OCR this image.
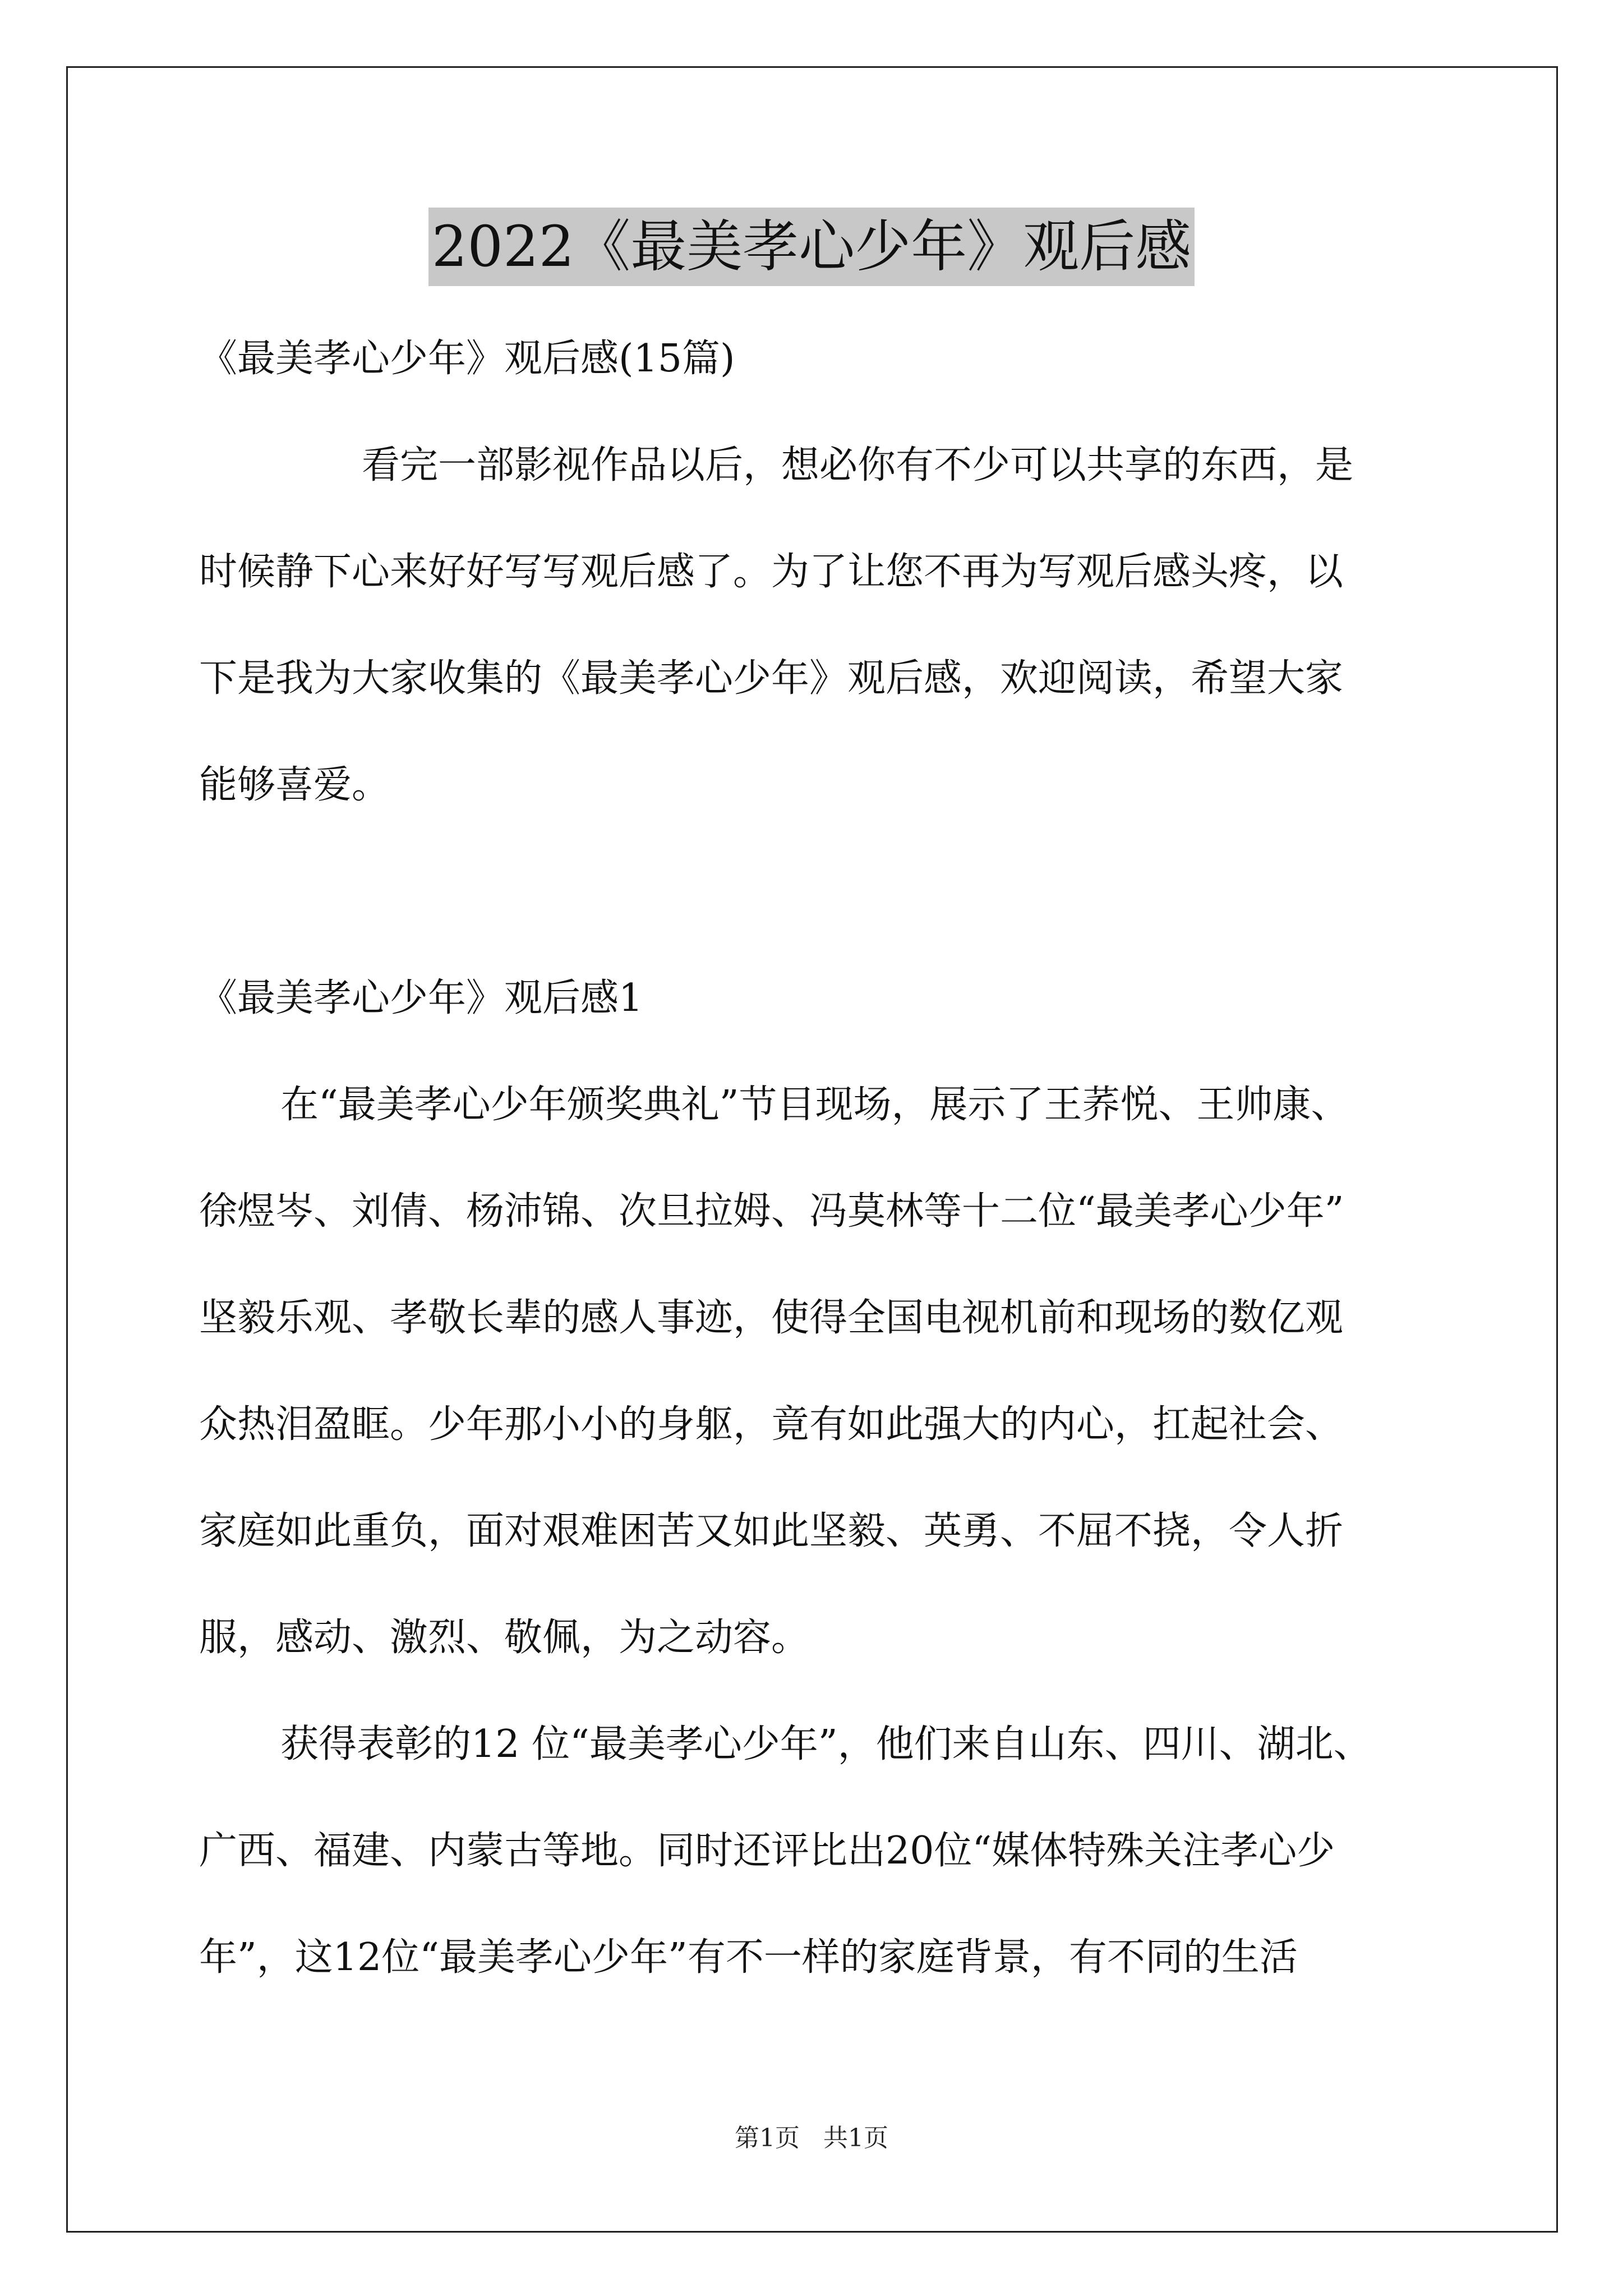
2022《最美孝心少年》观后感

《最美孝心少年》观后感(15篇)

看完一部影视作品以后，想必你有不少可以共享的东西，是

时候静下心来好好写写观后感了。为了让您不再为写观后感头疼，以

下是我为大家收集的《最美孝心少年》观后感，欢迎阅读，希望大家

能够喜爱。

《最美孝心少年》观后感1

在“最美孝心少年颁奖典礼”节目现场，展示了王荞悦、王帅康、

徐煜岑、刘倩、杨沛锦、次旦拉姆、冯莫林等十二位“最美孝心少年”

坚毅乐观、孝敬长辈的感人事迹，使得全国电视机前和现场的数亿观

众热泪盈眶。少年那小小的身躯，竟有如此强大的内心，扛起社会、

家庭如此重负，面对艰难困苦又如此坚毅、英勇、不屈不挠，令人折

服，感动、激烈、敬佩，为之动容。

获得表彰的12 位“最美孝心少年”，他们来自山东、四川、湖北、

广西、福建、内蒙古等地。同时还评比出20位“媒体特殊关注孝心少

年”，这12位“最美孝心少年”有不一样的家庭背景，有不同的生活

第1页 共1页
